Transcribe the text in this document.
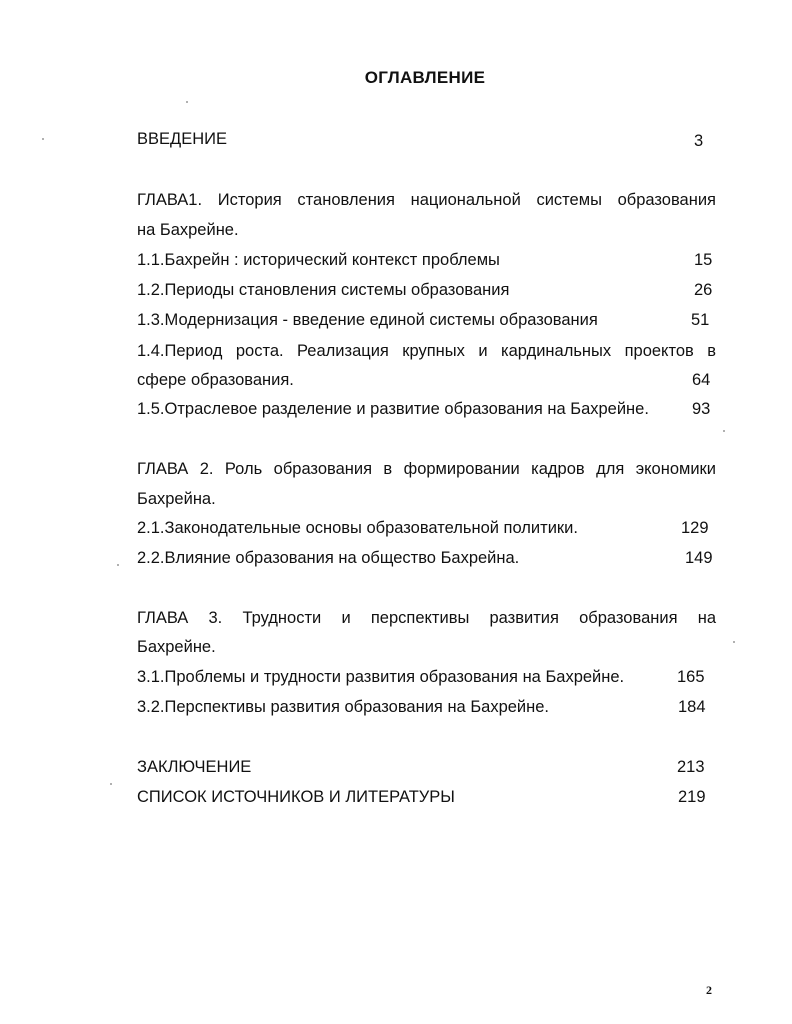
ОГЛАВЛЕНИЕ
ВВЕДЕНИЕ	3
ГЛАВА1. История становления национальной системы образования
на Бахрейне.
1.1.Бахрейн : исторический контекст проблемы	15
1.2.Периоды становления системы образования	26
1.3.Модернизация - введение единой системы образования	51
1.4.Период роста. Реализация крупных и кардинальных проектов в
сфере образования.	64
1.5.Отраслевое разделение и развитие образования на Бахрейне.	93
ГЛАВА 2. Роль образования в формировании кадров для экономики
Бахрейна.
2.1.Законодательные основы образовательной политики.	129
2.2.Влияние образования на общество Бахрейна.	149
ГЛАВА 3. Трудности и перспективы развития образования на
Бахрейне.
3.1.Проблемы и трудности развития образования на Бахрейне.	165
3.2.Перспективы развития образования на Бахрейне.	184
ЗАКЛЮЧЕНИЕ	213
СПИСОК ИСТОЧНИКОВ И ЛИТЕРАТУРЫ	219
2
